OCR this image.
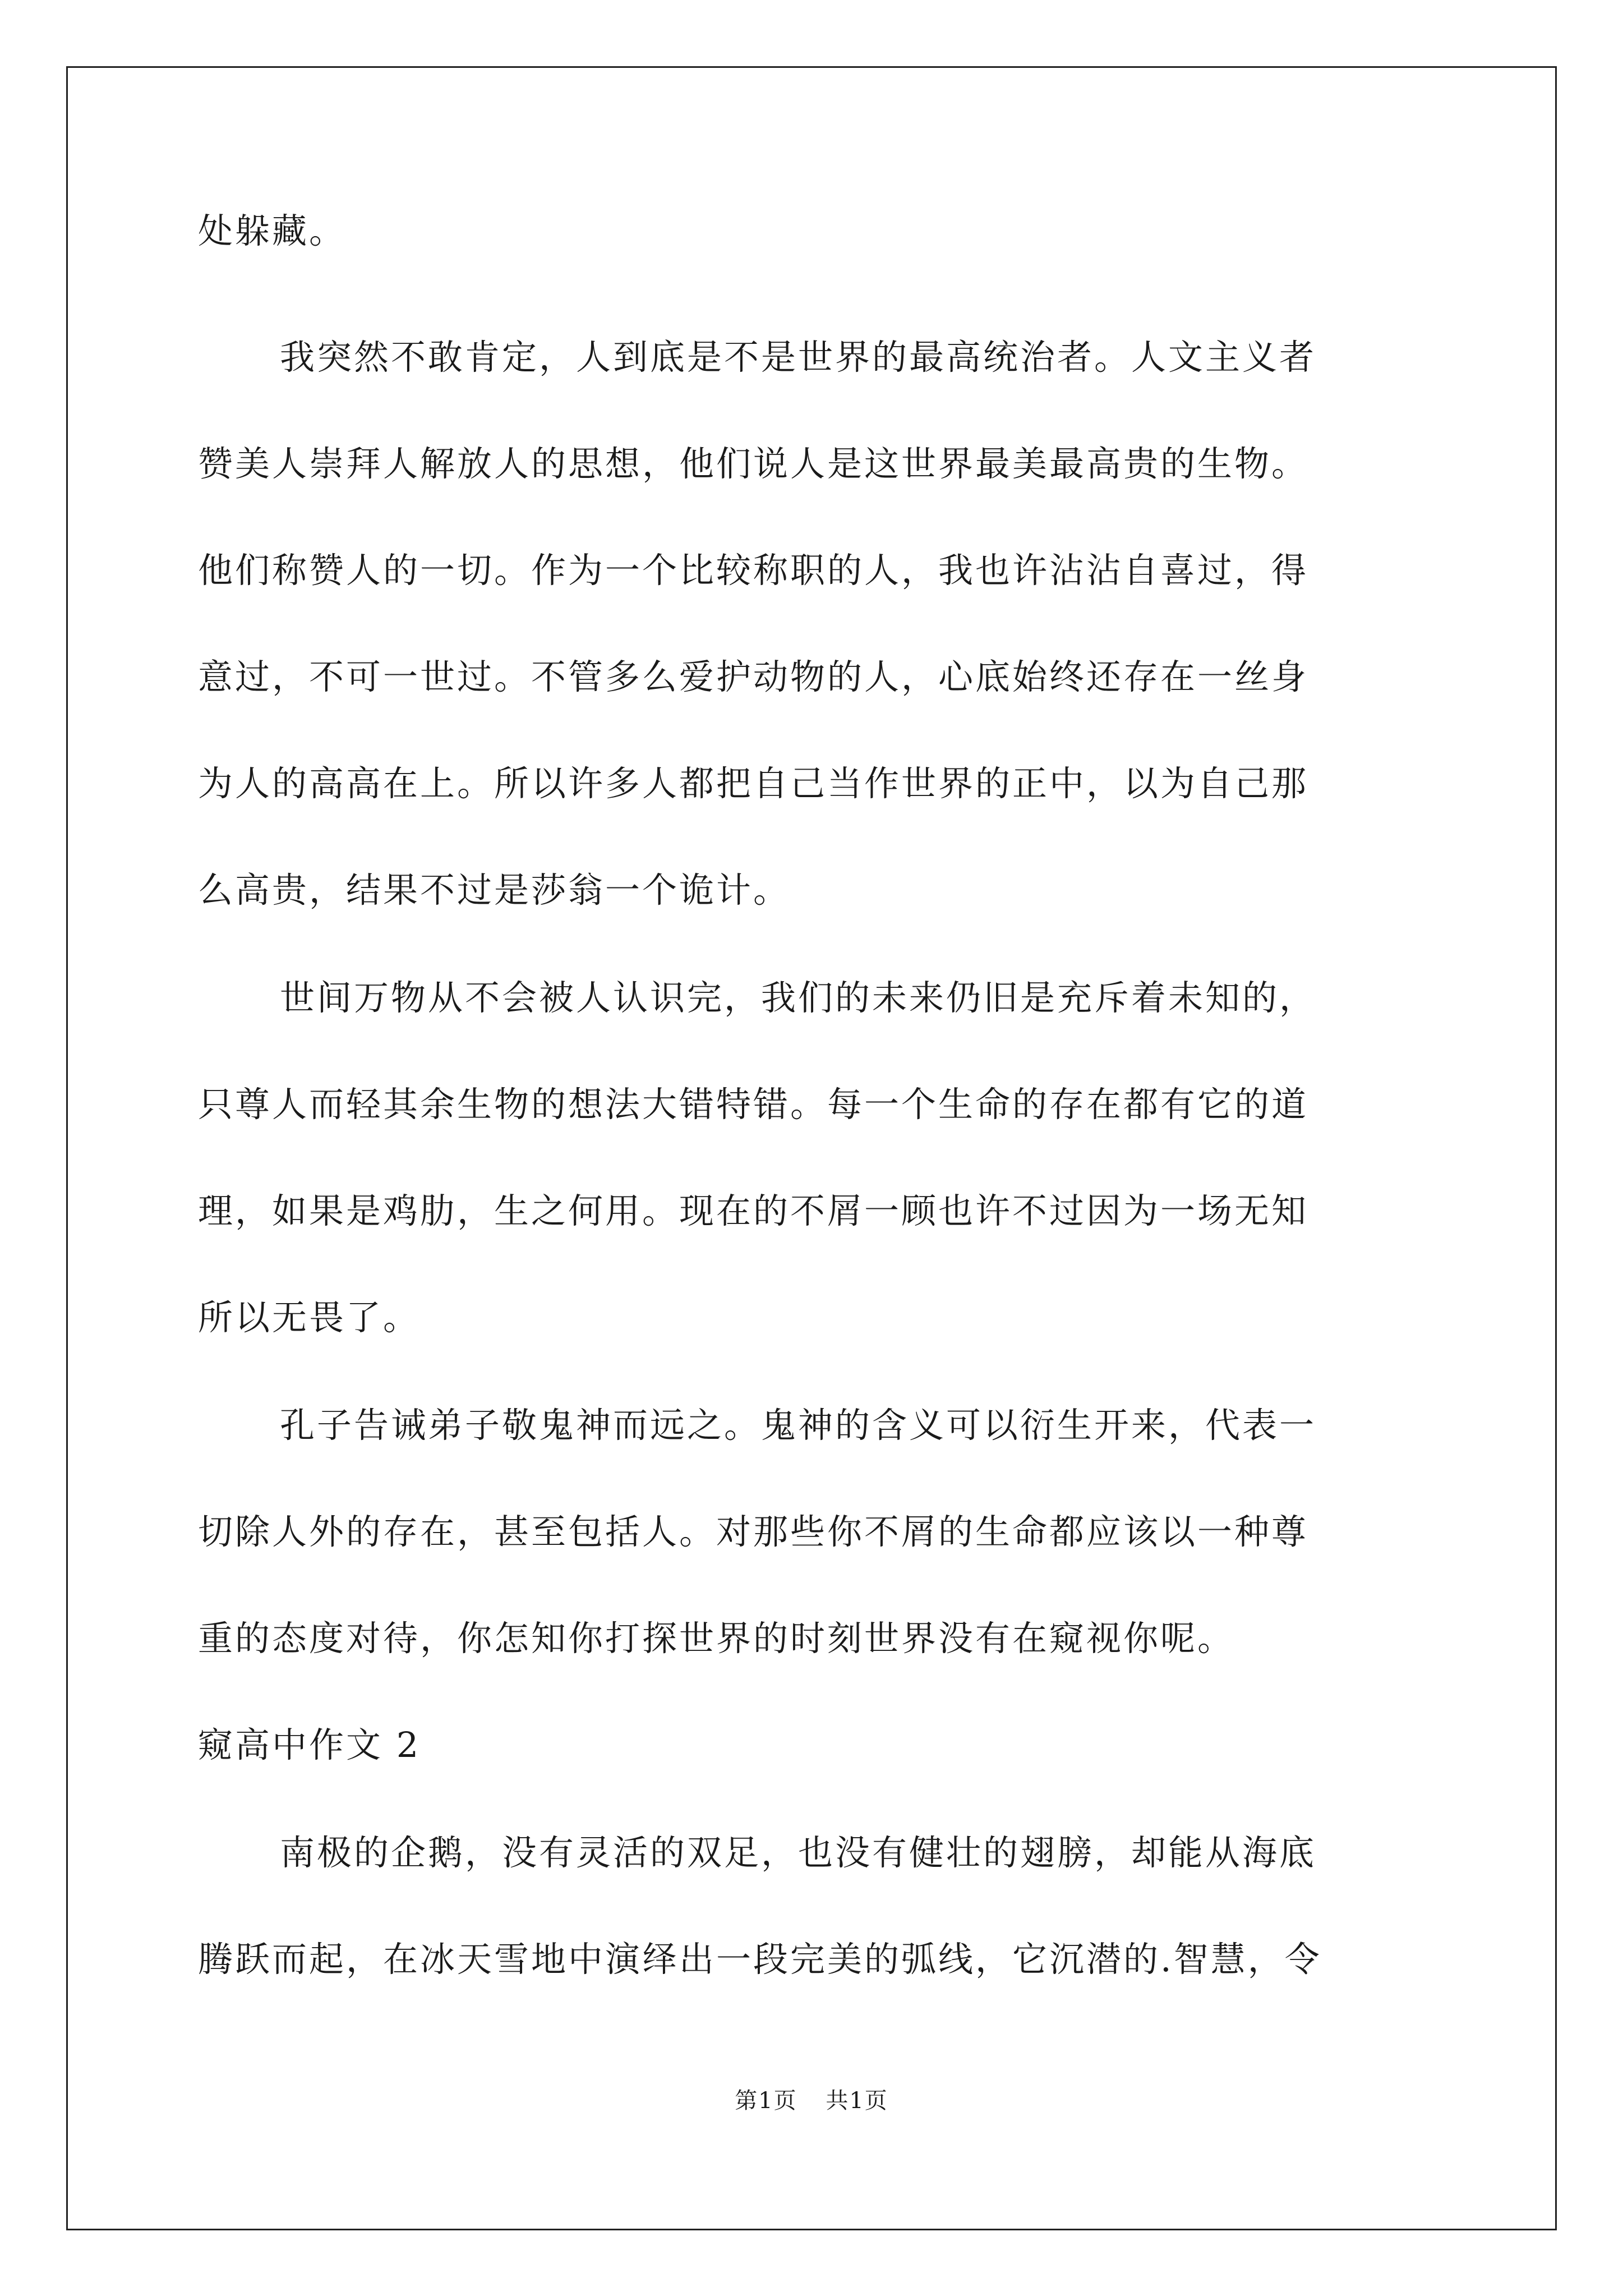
处躲藏。
我突然不敢肯定，人到底是不是世界的最高统治者。人文主义者
赞美人崇拜人解放人的思想，他们说人是这世界最美最高贵的生物。
他们称赞人的一切。作为一个比较称职的人，我也许沾沾自喜过，得
意过，不可一世过。不管多么爱护动物的人，心底始终还存在一丝身
为人的高高在上。所以许多人都把自己当作世界的正中，以为自己那
么高贵，结果不过是莎翁一个诡计。
世间万物从不会被人认识完，我们的未来仍旧是充斥着未知的，
只尊人而轻其余生物的想法大错特错。每一个生命的存在都有它的道
理，如果是鸡肋，生之何用。现在的不屑一顾也许不过因为一场无知
所以无畏了。
孔子告诫弟子敬鬼神而远之。鬼神的含义可以衍生开来，代表一
切除人外的存在，甚至包括人。对那些你不屑的生命都应该以一种尊
重的态度对待，你怎知你打探世界的时刻世界没有在窥视你呢。
窥高中作文 2
南极的企鹅，没有灵活的双足，也没有健壮的翅膀，却能从海底
腾跃而起，在冰天雪地中演绎出一段完美的弧线，它沉潜的.智慧，令
第1页 共1页
